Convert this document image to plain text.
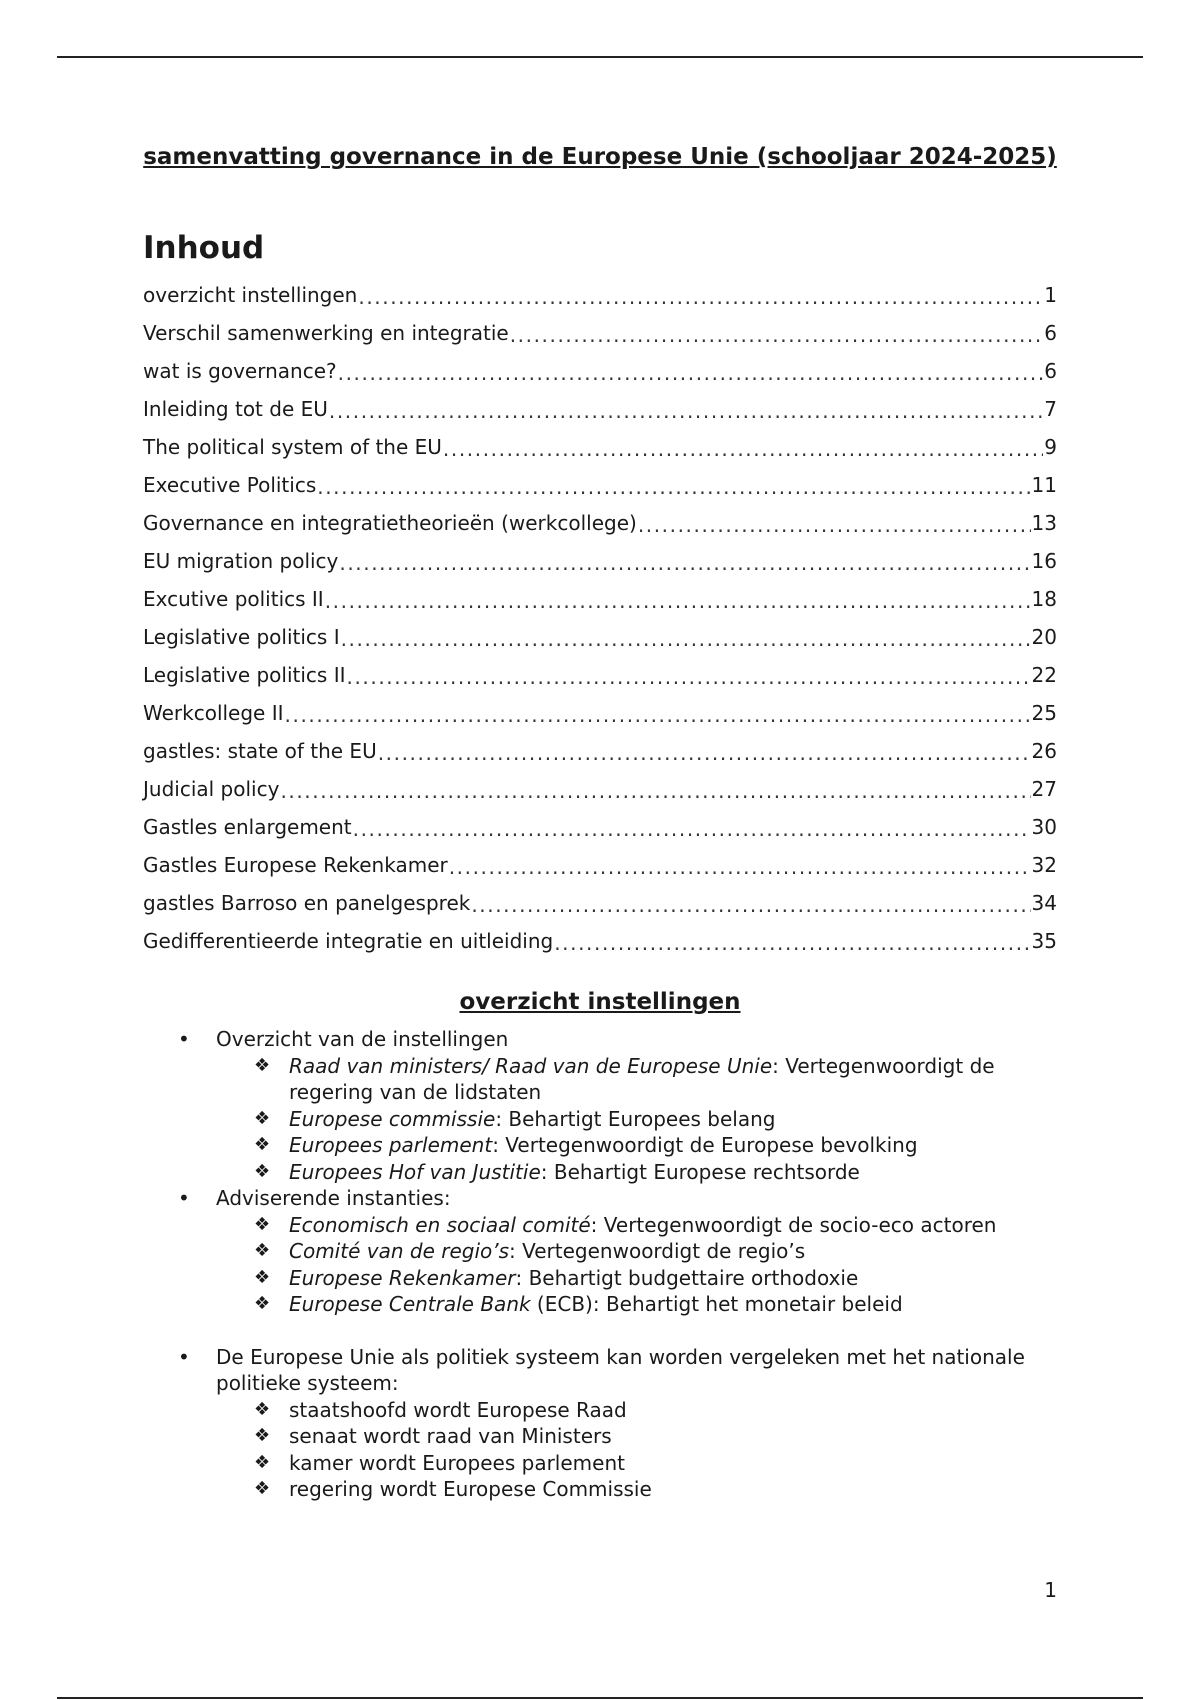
samenvatting governance in de Europese Unie (schooljaar 2024-2025)
Inhoud
overzicht instellingen .....	1
Verschil samenwerking en integratie .....	6
wat is governance? .....	6
Inleiding tot de EU .....	7
The political system of the EU .....	9
Executive Politics .....	11
Governance en integratietheorieën (werkcollege) .....	13
EU migration policy .....	16
Excutive politics II .....	18
Legislative politics I .....	20
Legislative politics II .....	22
Werkcollege II .....	25
gastles: state of the EU .....	26
Judicial policy .....	27
Gastles enlargement .....	30
Gastles Europese Rekenkamer .....	32
gastles Barroso en panelgesprek .....	34
Gedifferentieerde integratie en uitleiding .....	35
overzicht instellingen
• Overzicht van de instellingen
❖ Raad van ministers/ Raad van de Europese Unie: Vertegenwoordigt de regering van de lidstaten
❖ Europese commissie: Behartigt Europees belang
❖ Europees parlement: Vertegenwoordigt de Europese bevolking
❖ Europees Hof van Justitie: Behartigt Europese rechtsorde
• Adviserende instanties:
❖ Economisch en sociaal comité: Vertegenwoordigt de socio-eco actoren
❖ Comité van de regio’s: Vertegenwoordigt de regio’s
❖ Europese Rekenkamer: Behartigt budgettaire orthodoxie
❖ Europese Centrale Bank (ECB): Behartigt het monetair beleid
• De Europese Unie als politiek systeem kan worden vergeleken met het nationale politieke systeem:
❖ staatshoofd wordt Europese Raad
❖ senaat wordt raad van Ministers
❖ kamer wordt Europees parlement
❖ regering wordt Europese Commissie

1
